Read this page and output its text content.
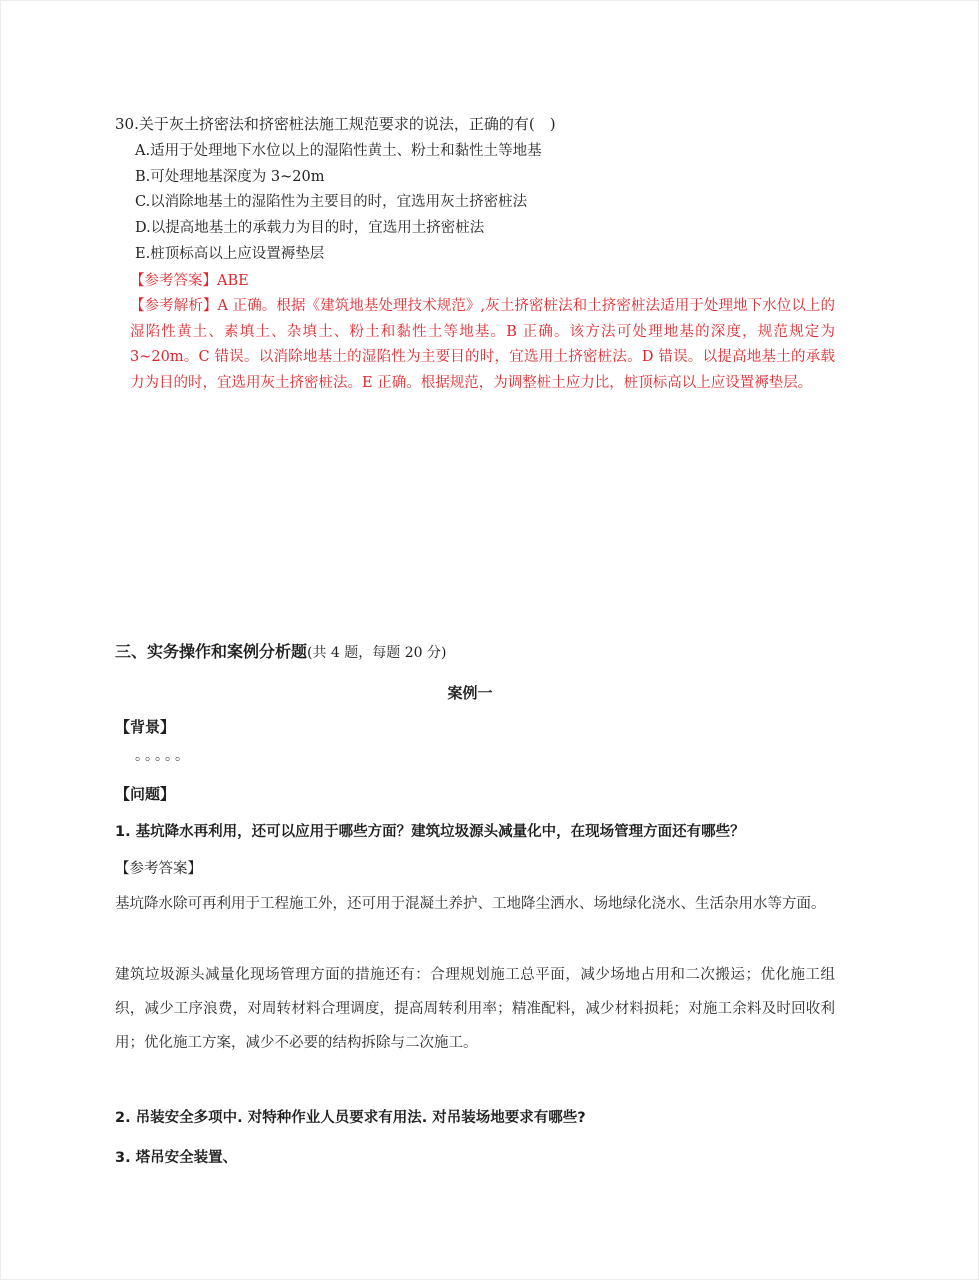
30.关于灰土挤密法和挤密桩法施工规范要求的说法，正确的有(　)
A.适用于处理地下水位以上的湿陷性黄土、粉土和黏性土等地基
B.可处理地基深度为 3~20m
C.以消除地基土的湿陷性为主要目的时，宜选用灰土挤密桩法
D.以提高地基土的承载力为目的时，宜选用土挤密桩法
E.桩顶标高以上应设置褥垫层
【参考答案】ABE
【参考解析】A 正确。根据《建筑地基处理技术规范》,灰土挤密桩法和土挤密桩法适用于处理地下水位以上的湿陷性黄土、素填土、杂填土、粉土和黏性土等地基。B 正确。该方法可处理地基的深度，规范规定为 3~20m。C 错误。以消除地基土的湿陷性为主要目的时，宜选用土挤密桩法。D 错误。以提高地基土的承载力为目的时，宜选用灰土挤密桩法。E 正确。根据规范，为调整桩土应力比，桩顶标高以上应设置褥垫层。
三、实务操作和案例分析题(共 4 题，每题 20 分)
案例一
【背景】
。。。。。
【问题】
1. 基坑降水再利用，还可以应用于哪些方面？建筑垃圾源头减量化中，在现场管理方面还有哪些？
【参考答案】
基坑降水除可再利用于工程施工外，还可用于混凝土养护、工地降尘洒水、场地绿化浇水、生活杂用水等方面。
建筑垃圾源头减量化现场管理方面的措施还有：合理规划施工总平面，减少场地占用和二次搬运；优化施工组织，减少工序浪费，对周转材料合理调度，提高周转利用率；精准配料，减少材料损耗；对施工余料及时回收利用；优化施工方案，减少不必要的结构拆除与二次施工。
2. 吊装安全多项中. 对特种作业人员要求有用法. 对吊装场地要求有哪些?
3. 塔吊安全装置、
